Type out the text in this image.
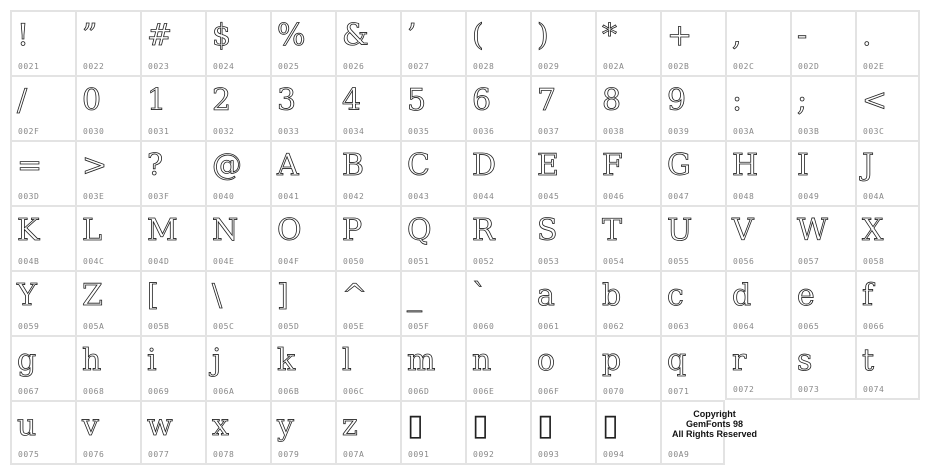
!
0021
”
0022
#
0023
$
0024
%
0025
&
0026
’
0027
(
0028
)
0029
*
002A
+
002B
,
002C
-
002D
.
002E
/
002F
0
0030
1
0031
2
0032
3
0033
4
0034
5
0035
6
0036
7
0037
8
0038
9
0039
:
003A
;
003B
<
003C
=
003D
>
003E
?
003F
@
0040
A
0041
B
0042
C
0043
D
0044
E
0045
F
0046
G
0047
H
0048
I
0049
J
004A
K
004B
L
004C
M
004D
N
004E
O
004F
P
0050
Q
0051
R
0052
S
0053
T
0054
U
0055
V
0056
W
0057
X
0058
Y
0059
Z
005A
[
005B
\
005C
]
005D
^
005E
_
005F
`
0060
a
0061
b
0062
c
0063
d
0064
e
0065
f
0066
g
0067
h
0068
i
0069
j
006A
k
006B
l
006C
m
006D
n
006E
o
006F
p
0070
q
0071
r
0072
s
0073
t
0074
u
0075
v
0076
w
0077
x
0078
y
0079
z
007A
▯
0091
▯
0092
▯
0093
▯
0094
Copyright
GemFonts 98
All Rights Reserved
00A9
